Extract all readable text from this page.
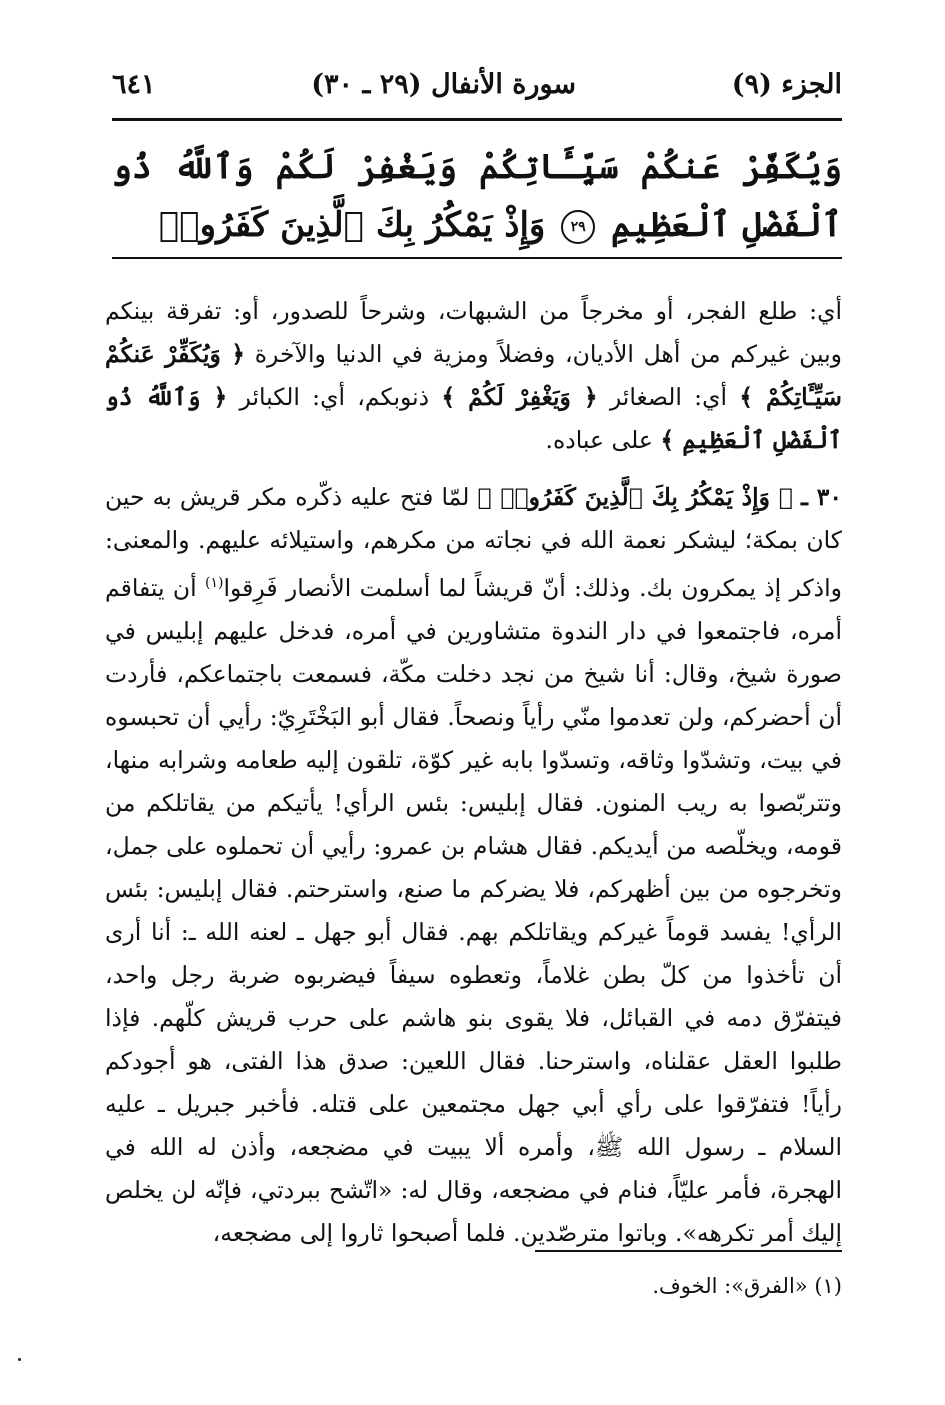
الجزء (٩)
سورة الأنفال (٢٩ ـ ٣٠)
٦٤١

وَيُكَفِّرْ عَنكُمْ سَيِّـَٔاتِكُمْ وَيَغْفِرْ لَكُمْ وَٱللَّهُ ذُو ٱلْفَضْلِ ٱلْعَظِيمِ ٢٩ وَإِذْ يَمْكُرُ بِكَ ٱلَّذِينَ كَفَرُوا۟

أي: طلع الفجر، أو مخرجاً من الشبهات، وشرحاً للصدور، أو: تفرقة بينكم وبين غيركم من أهل الأديان، وفضلاً ومزية في الدنيا والآخرة ﴿ وَيُكَفِّرْ عَنكُمْ سَيِّـَٔاتِكُمْ ﴾ أي: الصغائر ﴿ وَيَغْفِرْ لَكُمْ ﴾ ذنوبكم، أي: الكبائر ﴿ وَٱللَّهُ ذُو ٱلْفَضْلِ ٱلْعَظِيمِ ﴾ على عباده.

٣٠ ـ ﴿ وَإِذْ يَمْكُرُ بِكَ ٱلَّذِينَ كَفَرُوا۟ ﴾ لمّا فتح عليه ذكّره مكر قريش به حين كان بمكة؛ ليشكر نعمة الله في نجاته من مكرهم، واستيلائه عليهم. والمعنى: واذكر إذ يمكرون بك. وذلك: أنّ قريشاً لما أسلمت الأنصار فَرِقوا$^{(١)}$ أن يتفاقم أمره، فاجتمعوا في دار الندوة متشاورين في أمره، فدخل عليهم إبليس في صورة شيخ، وقال: أنا شيخ من نجد دخلت مكّة، فسمعت باجتماعكم، فأردت أن أحضركم، ولن تعدموا منّي رأياً ونصحاً. فقال أبو البَخْتَرِيّ: رأيي أن تحبسوه في بيت، وتشدّوا وثاقه، وتسدّوا بابه غير كوّة، تلقون إليه طعامه وشرابه منها، وتتربّصوا به ريب المنون. فقال إبليس: بئس الرأي! يأتيكم من يقاتلكم من قومه، ويخلّصه من أيديكم. فقال هشام بن عمرو: رأيي أن تحملوه على جمل، وتخرجوه من بين أظهركم، فلا يضركم ما صنع، واسترحتم. فقال إبليس: بئس الرأي! يفسد قوماً غيركم ويقاتلكم بهم. فقال أبو جهل ـ لعنه الله ـ: أنا أرى أن تأخذوا من كلّ بطن غلاماً، وتعطوه سيفاً فيضربوه ضربة رجل واحد، فيتفرّق دمه في القبائل، فلا يقوى بنو هاشم على حرب قريش كلّهم. فإذا طلبوا العقل عقلناه، واسترحنا. فقال اللعين: صدق هذا الفتى، هو أجودكم رأياً! فتفرّقوا على رأي أبي جهل مجتمعين على قتله. فأخبر جبريل ـ عليه السلام ـ رسول الله ﷺ، وأمره ألا يبيت في مضجعه، وأذن له الله في الهجرة، فأمر عليّاً، فنام في مضجعه، وقال له: «اتّشح ببردتي، فإنّه لن يخلص إليك أمر تكرهه». وباتوا مترصّدين. فلما أصبحوا ثاروا إلى مضجعه،

(١) «الفرق»: الخوف.
